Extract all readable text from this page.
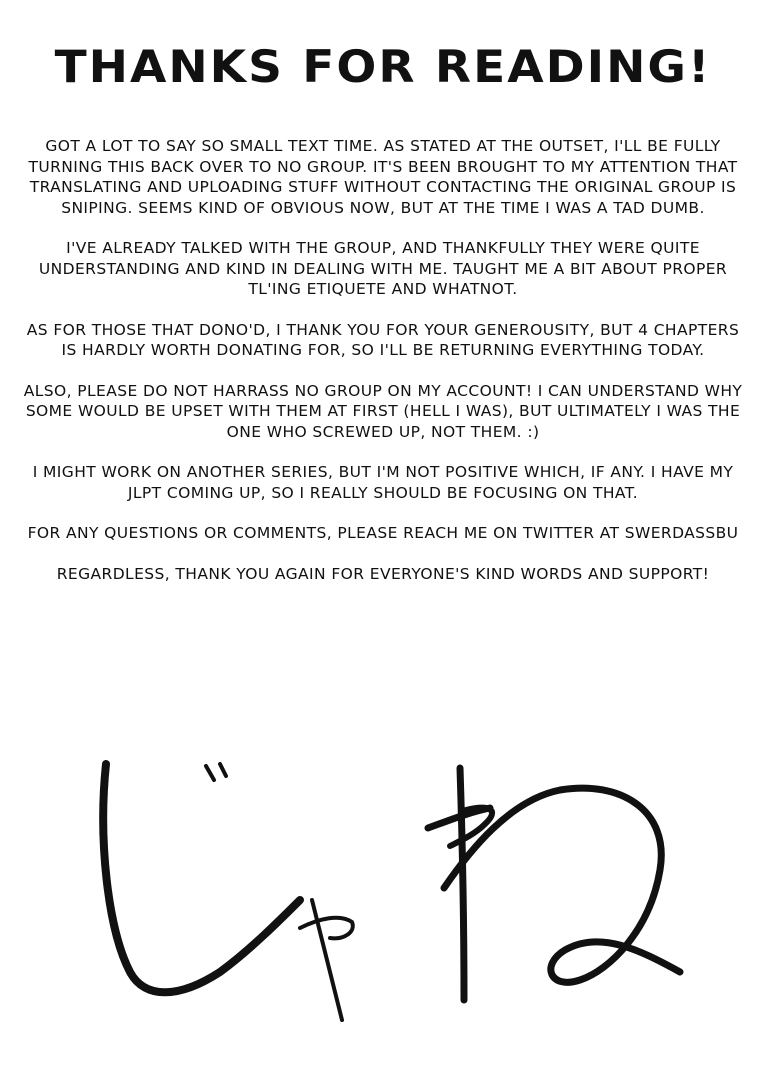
THANKS FOR READING!

GOT A LOT TO SAY SO SMALL TEXT TIME. AS STATED AT THE OUTSET, I'LL BE FULLY TURNING THIS BACK OVER TO NO GROUP. IT'S BEEN BROUGHT TO MY ATTENTION THAT TRANSLATING AND UPLOADING STUFF WITHOUT CONTACTING THE ORIGINAL GROUP IS SNIPING. SEEMS KIND OF OBVIOUS NOW, BUT AT THE TIME I WAS A TAD DUMB.

I'VE ALREADY TALKED WITH THE GROUP, AND THANKFULLY THEY WERE QUITE UNDERSTANDING AND KIND IN DEALING WITH ME. TAUGHT ME A BIT ABOUT PROPER TL'ING ETIQUETE AND WHATNOT.

AS FOR THOSE THAT DONO'D, I THANK YOU FOR YOUR GENEROUSITY, BUT 4 CHAPTERS IS HARDLY WORTH DONATING FOR, SO I'LL BE RETURNING EVERYTHING TODAY.

ALSO, PLEASE DO NOT HARRASS NO GROUP ON MY ACCOUNT! I CAN UNDERSTAND WHY SOME WOULD BE UPSET WITH THEM AT FIRST (HELL I WAS), BUT ULTIMATELY I WAS THE ONE WHO SCREWED UP, NOT THEM. :)

I MIGHT WORK ON ANOTHER SERIES, BUT I'M NOT POSITIVE WHICH, IF ANY. I HAVE MY JLPT COMING UP, SO I REALLY SHOULD BE FOCUSING ON THAT.

FOR ANY QUESTIONS OR COMMENTS, PLEASE REACH ME ON TWITTER AT SWERDASSBU

REGARDLESS, THANK YOU AGAIN FOR EVERYONE'S KIND WORDS AND SUPPORT!
